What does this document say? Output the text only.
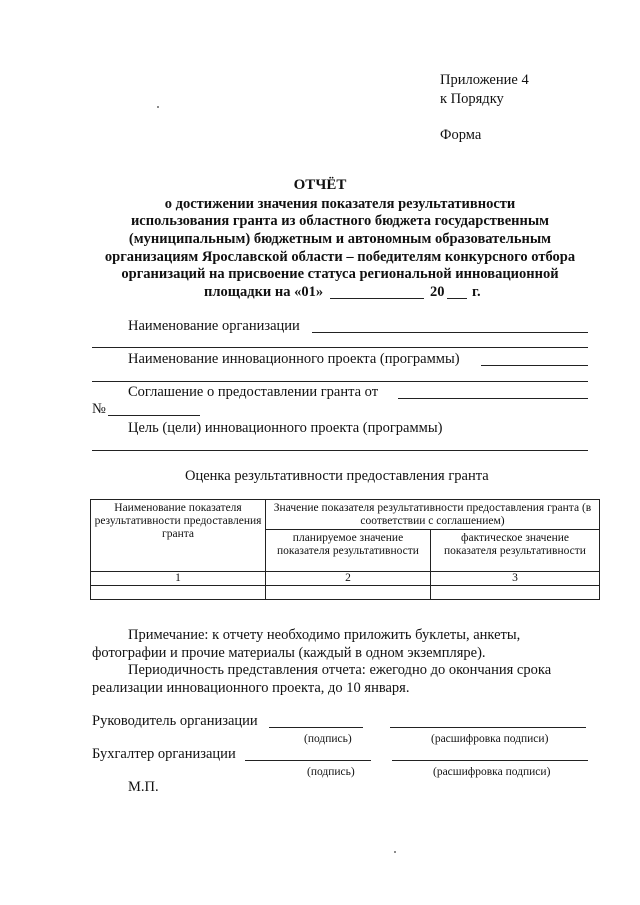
Приложение 4
к Порядку
Форма
ОТЧЁТ
о достижении значения показателя результативности
использования гранта из областного бюджета государственным
(муниципальным) бюджетным и автономным образовательным
организациям Ярославской области – победителям конкурсного отбора
организаций на присвоение статуса региональной инновационной
площадки на «01»	20 г.
Наименование организации
Наименование инновационного проекта (программы)
Соглашение о предоставлении гранта от
№
Цель (цели) инновационного проекта (программы)
Оценка результативности предоставления гранта
Наименование показателя результативности предоставления гранта	Значение показателя результативности предоставления гранта (в соответствии с соглашением)	
	планируемое значение показателя результативности	фактическое значение показателя результативности
1	2	3

Примечание: к отчету необходимо приложить буклеты, анкеты,
фотографии и прочие материалы (каждый в одном экземпляре).
Периодичность представления отчета: ежегодно до окончания срока
реализации инновационного проекта, до 10 января.
Руководитель организации
(подпись)	(расшифровка подписи)
Бухгалтер организации
(подпись)	(расшифровка подписи)
М.П.
